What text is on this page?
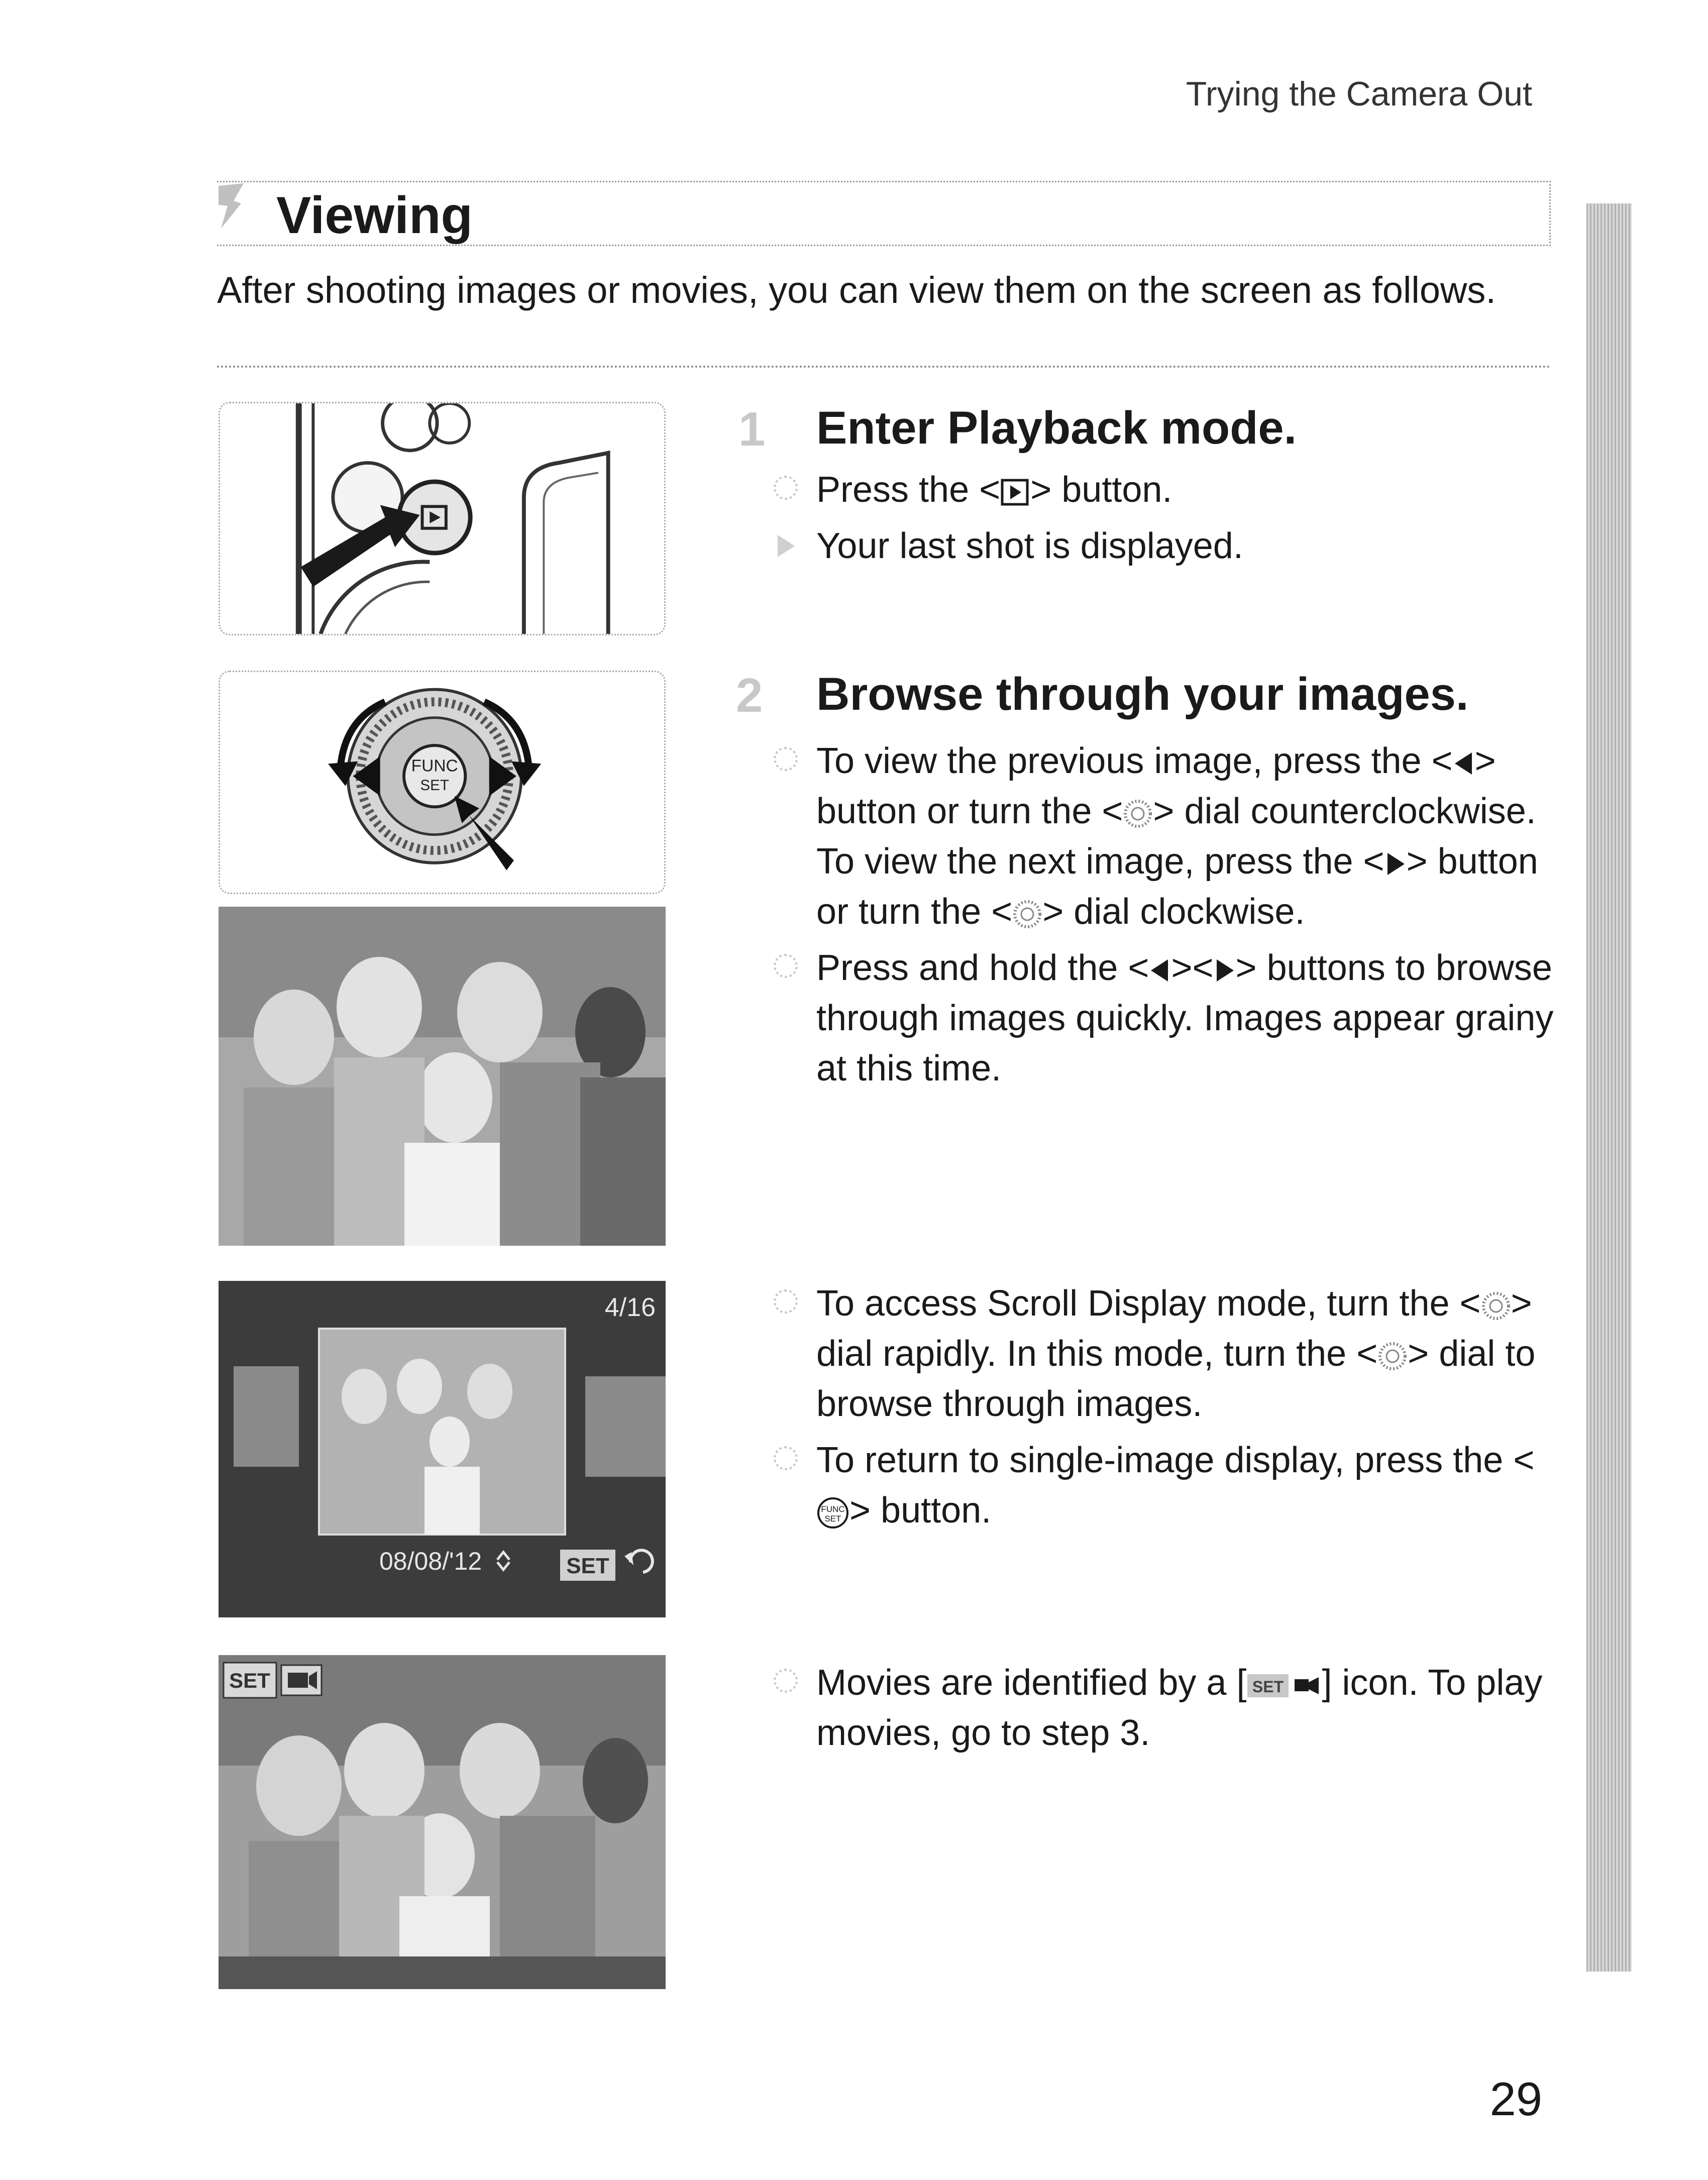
Trying the Camera Out
Viewing
After shooting images or movies, you can view them on the screen as follows.
FUNC
SET
4/16
08/08/'12	SET
SET
1 Enter Playback mode.

Press the < > button.

Your last shot is displayed.

2 Browse through your images.

To view the previous image, press the < > button or turn the < > dial counterclockwise. To view the next image, press the < > button or turn the < > dial clockwise.

Press and hold the < >< > buttons to browse through images quickly. Images appear grainy at this time.

To access Scroll Display mode, turn the < > dial rapidly. In this mode, turn the < > dial to browse through images.

To return to single-image display, press the <
FUNC
SET > button.

Movies are identified by a [ SET ] icon. To play movies, go to step 3.

29
